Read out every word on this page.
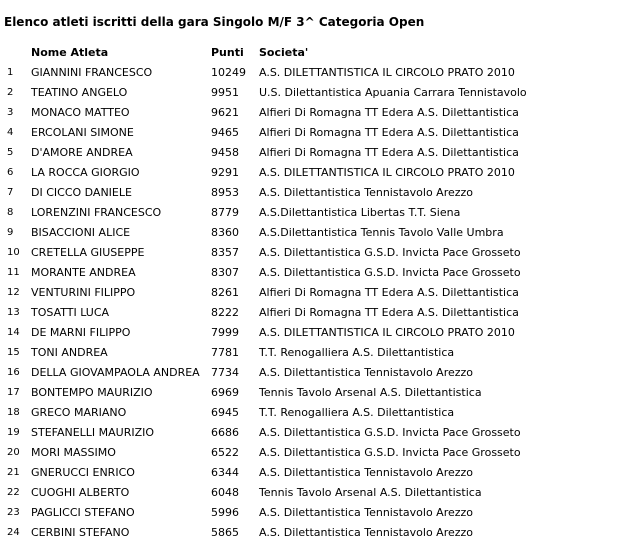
Elenco atleti iscritti della gara Singolo M/F 3^ Categoria Open
	Nome Atleta	Punti	Societa'
1	GIANNINI FRANCESCO	10249	A.S. DILETTANTISTICA IL CIRCOLO PRATO 2010
2	TEATINO ANGELO	9951	U.S. Dilettantistica Apuania Carrara Tennistavolo
3	MONACO MATTEO	9621	Alfieri Di Romagna TT Edera A.S. Dilettantistica
4	ERCOLANI SIMONE	9465	Alfieri Di Romagna TT Edera A.S. Dilettantistica
5	D'AMORE ANDREA	9458	Alfieri Di Romagna TT Edera A.S. Dilettantistica
6	LA ROCCA GIORGIO	9291	A.S. DILETTANTISTICA IL CIRCOLO PRATO 2010
7	DI CICCO DANIELE	8953	A.S. Dilettantistica Tennistavolo Arezzo
8	LORENZINI FRANCESCO	8779	A.S.Dilettantistica Libertas T.T. Siena
9	BISACCIONI ALICE	8360	A.S.Dilettantistica Tennis Tavolo Valle Umbra
10	CRETELLA GIUSEPPE	8357	A.S. Dilettantistica G.S.D. Invicta Pace Grosseto
11	MORANTE ANDREA	8307	A.S. Dilettantistica G.S.D. Invicta Pace Grosseto
12	VENTURINI FILIPPO	8261	Alfieri Di Romagna TT Edera A.S. Dilettantistica
13	TOSATTI LUCA	8222	Alfieri Di Romagna TT Edera A.S. Dilettantistica
14	DE MARNI FILIPPO	7999	A.S. DILETTANTISTICA IL CIRCOLO PRATO 2010
15	TONI ANDREA	7781	T.T. Renogalliera A.S. Dilettantistica
16	DELLA GIOVAMPAOLA ANDREA	7734	A.S. Dilettantistica Tennistavolo Arezzo
17	BONTEMPO MAURIZIO	6969	Tennis Tavolo Arsenal A.S. Dilettantistica
18	GRECO MARIANO	6945	T.T. Renogalliera A.S. Dilettantistica
19	STEFANELLI MAURIZIO	6686	A.S. Dilettantistica G.S.D. Invicta Pace Grosseto
20	MORI MASSIMO	6522	A.S. Dilettantistica G.S.D. Invicta Pace Grosseto
21	GNERUCCI ENRICO	6344	A.S. Dilettantistica Tennistavolo Arezzo
22	CUOGHI ALBERTO	6048	Tennis Tavolo Arsenal A.S. Dilettantistica
23	PAGLICCI STEFANO	5996	A.S. Dilettantistica Tennistavolo Arezzo
24	CERBINI STEFANO	5865	A.S. Dilettantistica Tennistavolo Arezzo
